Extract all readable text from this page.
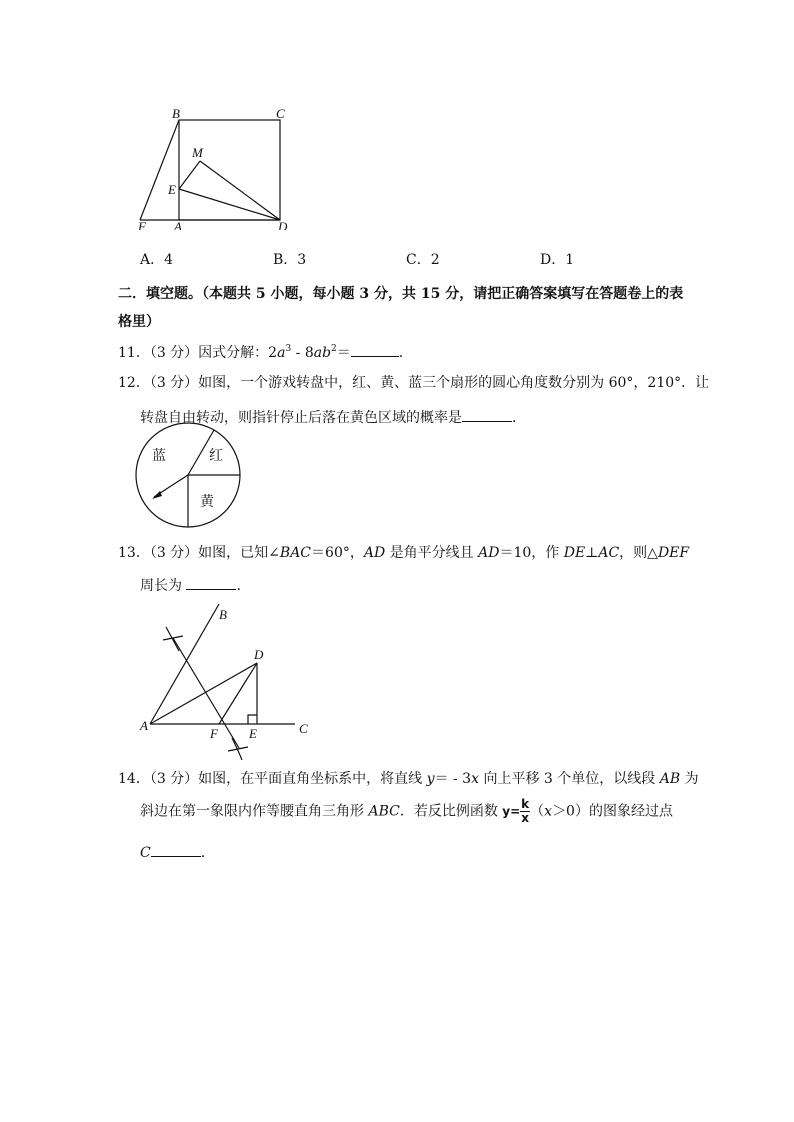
B	C
M
E
F A	D
A．4	B．3	C．2	D．1
二．填空题。（本题共 5 小题，每小题 3 分，共 15 分，请把正确答案填写在答题卷上的表
格里）
11．（3 分）因式分解：$2a^3 - 8ab^2=$	.
12．（3 分）如图，一个游戏转盘中，红、黄、蓝三个扇形的圆心角度数分别为 60°，210°．让
转盘自由转动，则指针停止后落在黄色区域的概率是	．
蓝	红
黄
13．（3 分）如图，已知∠BAC＝60°，AD 是角平分线且 AD＝10，作 DE⊥AC，则△DEF
周长为	.
B
D
A
F E	C
14．（3 分）如图，在平面直角坐标系中，将直线 y＝ - 3x 向上平移 3 个单位，以线段 AB 为
斜边在第一象限内作等腰直角三角形 ABC．若反比例函数 $y= \frac{k}{x} (x>0)$的图象经过点
C	．
